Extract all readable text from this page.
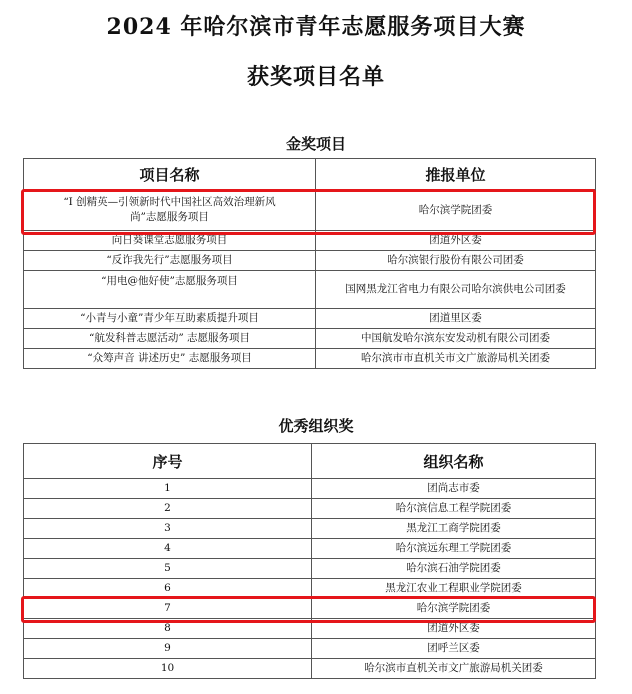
2024 年哈尔滨市青年志愿服务项目大赛
获奖项目名单
金奖项目
项目名称	推报单位
“I 创精英—引领新时代中国社区高效治理新风尚”志愿服务项目	哈尔滨学院团委
向日葵课堂志愿服务项目	团道外区委
“反诈我先行”志愿服务项目	哈尔滨银行股份有限公司团委
“用电@他好使”志愿服务项目	国网黑龙江省电力有限公司哈尔滨供电公司团委
“小青与小童”青少年互助素质提升项目	团道里区委
“航发科普志愿活动” 志愿服务项目	中国航发哈尔滨东安发动机有限公司团委
“众筹声音 讲述历史” 志愿服务项目	哈尔滨市市直机关市文广旅游局机关团委
优秀组织奖
序号	组织名称
1	团尚志市委
2	哈尔滨信息工程学院团委
3	黑龙江工商学院团委
4	哈尔滨远东理工学院团委
5	哈尔滨石油学院团委
6	黑龙江农业工程职业学院团委
7	哈尔滨学院团委
8	团道外区委
9	团呼兰区委
10	哈尔滨市直机关市文广旅游局机关团委
